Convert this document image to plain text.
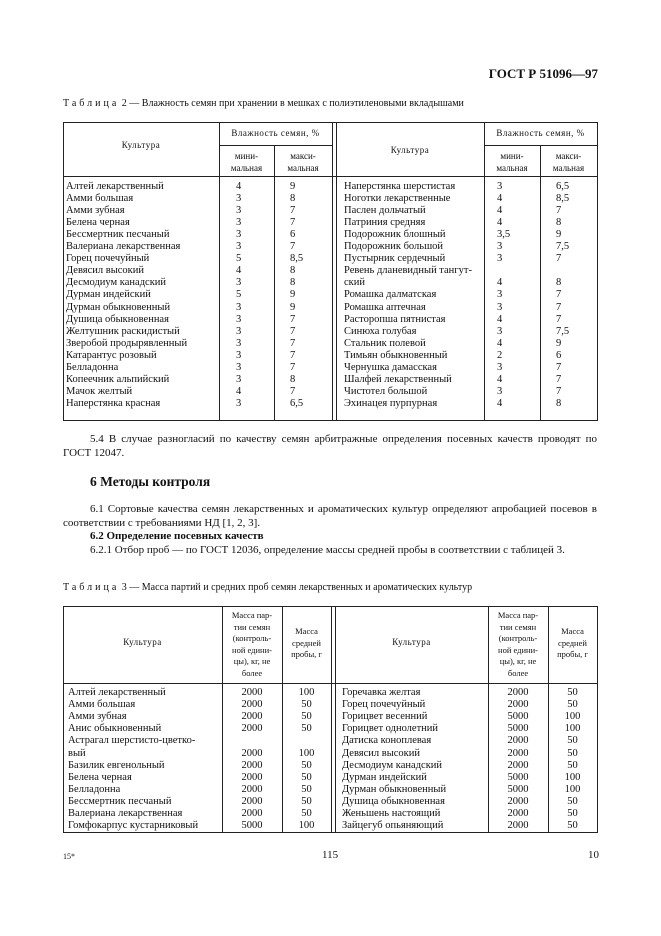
ГОСТ Р 51096—97
Таблица 2 — Влажность семян при хранении в мешках с полиэтиленовыми вкладышами
Культура
Влажность семян, %
мини-
мальная
макси-
мальная
Культура
Влажность семян, %
мини-
мальная
макси-
мальная
Алтей лекарственный	4	9
Амми большая	3	8
Амми зубная	3	7
Белена черная	3	7
Бессмертник песчаный	3	6
Валериана лекарственная	3	7
Горец почечуйный	5	8,5
Девясил высокий	4	8
Десмодиум канадский	3	8
Дурман индейский	5	9
Дурман обыкновенный	3	9
Душица обыкновенная	3	7
Желтушник раскидистый	3	7
Зверобой продырявленный	3	7
Катарантус розовый	3	7
Белладонна	3	7
Копеечник альпийский	3	8
Мачок желтый	4	7
Наперстянка красная	3	6,5
Наперстянка шерстистая	3	6,5
Ноготки лекарственные	4	8,5
Паслен дольчатый	4	7
Патриния средняя	4	8
Подорожник блошный	3,5	9
Подорожник большой	3	7,5
Пустырник сердечный	3	7
Ревень дланевидный тангут-
ский	4	8
Ромашка далматская	3	7
Ромашка аптечная	3	7
Расторопша пятнистая	4	7
Синюха голубая	3	7,5
Стальник полевой	4	9
Тимьян обыкновенный	2	6
Чернушка дамасская	3	7
Шалфей лекарственный	4	7
Чистотел большой	3	7
Эхинацея пурпурная	4	8
5.4 В случае разногласий по качеству семян арбитражные определения посевных качеств проводят по ГОСТ 12047.
6 Методы контроля
6.1 Сортовые качества семян лекарственных и ароматических культур определяют апробацией посевов в соответствии с требованиями НД [1, 2, 3].
6.2 Определение посевных качеств
6.2.1 Отбор проб — по ГОСТ 12036, определение массы средней пробы в соответствии с таблицей 3.
Таблица 3 — Масса партий и средних проб семян лекарственных и ароматических культур
Культура
Масса пар-
тии семян
(контроль-
ной едини-
цы), кг, не
более
Масса
средней
пробы, г
Культура
Масса пар-
тии семян
(контроль-
ной едини-
цы), кг, не
более
Масса
средней
пробы, г
Алтей лекарственный	2000	100
Амми большая	2000	50
Амми зубная	2000	50
Анис обыкновенный	2000	50
Астрагал шерстисто-цветко-
вый	2000	100
Базилик евгенольный	2000	50
Белена черная	2000	50
Белладонна	2000	50
Бессмертник песчаный	2000	50
Валериана лекарственная	2000	50
Гомфокарпус кустарниковый	5000	100
Горечавка желтая	2000	50
Горец почечуйный	2000	50
Горицвет весенний	5000	100
Горицвет однолетний	5000	100
Датиска коноплевая	2000	50
Девясил высокий	2000	50
Десмодиум канадский	2000	50
Дурман индейский	5000	100
Дурман обыкновенный	5000	100
Душица обыкновенная	2000	50
Женьшень настоящий	2000	50
Зайцегуб опьяняющий	2000	50
15*	115	10
